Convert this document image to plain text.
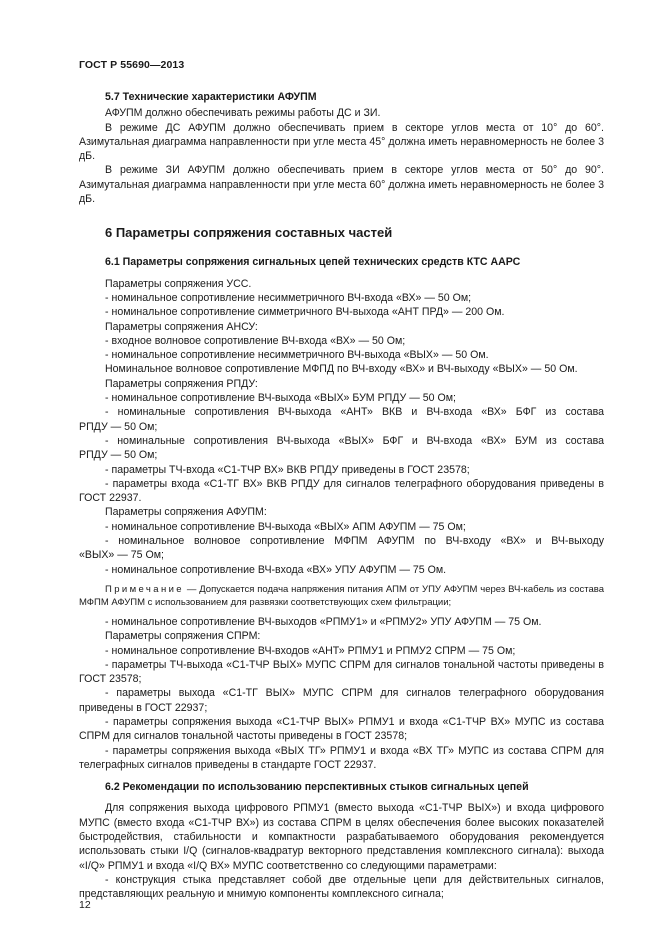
ГОСТ Р 55690—2013

5.7 Технические характеристики АФУПМ

АФУПМ должно обеспечивать режимы работы ДС и ЗИ.

В режиме ДС АФУПМ должно обеспечивать прием в секторе углов места от 10° до 60°. Азимутальная диаграмма направленности при угле места 45° должна иметь неравномерность не более 3 дБ.

В режиме ЗИ АФУПМ должно обеспечивать прием в секторе углов места от 50° до 90°. Азимутальная диаграмма направленности при угле места 60° должна иметь неравномерность не более 3 дБ.

6 Параметры сопряжения составных частей

6.1 Параметры сопряжения сигнальных цепей технических средств КТС ААРС

Параметры сопряжения УСС.

- номинальное сопротивление несимметричного ВЧ-входа «ВХ» — 50 Ом;

- номинальное сопротивление симметричного ВЧ-выхода «АНТ ПРД» — 200 Ом.

Параметры сопряжения АНСУ:

- входное волновое сопротивление ВЧ-входа «ВХ» — 50 Ом;

- номинальное сопротивление несимметричного ВЧ-выхода «ВЫХ» — 50 Ом.

Номинальное волновое сопротивление МФПД по ВЧ-входу «ВХ» и ВЧ-выходу «ВЫХ» — 50 Ом.

Параметры сопряжения РПДУ:

- номинальное сопротивление ВЧ-выхода «ВЫХ» БУМ РПДУ — 50 Ом;

- номинальные сопротивления ВЧ-выхода «АНТ» ВКВ и ВЧ-входа «ВХ» БФГ из состава

РПДУ — 50 Ом;

- номинальные сопротивления ВЧ-выхода «ВЫХ» БФГ и ВЧ-входа «ВХ» БУМ из состава

РПДУ — 50 Ом;

- параметры ТЧ-входа «С1-ТЧР ВХ» ВКВ РПДУ приведены в ГОСТ 23578;

- параметры входа «С1-ТГ ВХ» ВКВ РПДУ для сигналов телеграфного оборудования приведены в ГОСТ 22937.

Параметры сопряжения АФУПМ:

- номинальное сопротивление ВЧ-выхода «ВЫХ» АПМ АФУПМ — 75 Ом;

- номинальное волновое сопротивление МФПМ АФУПМ по ВЧ-входу «ВХ» и ВЧ-выходу

«ВЫХ» — 75 Ом;

- номинальное сопротивление ВЧ-входа «ВХ» УПУ АФУПМ — 75 Ом.

Примечание — Допускается подача напряжения питания АПМ от УПУ АФУПМ через ВЧ-кабель из состава МФПМ АФУПМ с использованием для развязки соответствующих схем фильтрации;

- номинальное сопротивление ВЧ-выходов «РПМУ1» и «РПМУ2» УПУ АФУПМ — 75 Ом.

Параметры сопряжения СПРМ:

- номинальное сопротивление ВЧ-входов «АНТ» РПМУ1 и РПМУ2 СПРМ — 75 Ом;

- параметры ТЧ-выхода «С1-ТЧР ВЫХ» МУПС СПРМ для сигналов тональной частоты приведены в ГОСТ 23578;

- параметры выхода «С1-ТГ ВЫХ» МУПС СПРМ для сигналов телеграфного оборудования приведены в ГОСТ 22937;

- параметры сопряжения выхода «С1-ТЧР ВЫХ» РПМУ1 и входа «С1-ТЧР ВХ» МУПС из состава СПРМ для сигналов тональной частоты приведены в ГОСТ 23578;

- параметры сопряжения выхода «ВЫХ ТГ» РПМУ1 и входа «ВХ ТГ» МУПС из состава СПРМ для телеграфных сигналов приведены в стандарте ГОСТ 22937.

6.2 Рекомендации по использованию перспективных стыков сигнальных цепей

Для сопряжения выхода цифрового РПМУ1 (вместо выхода «С1-ТЧР ВЫХ») и входа цифрового МУПС (вместо входа «С1-ТЧР ВХ») из состава СПРМ в целях обеспечения более высоких показателей быстродействия, стабильности и компактности разрабатываемого оборудования рекомендуется использовать стыки I/Q (сигналов-квадратур векторного представления комплексного сигнала): выхода «I/Q» РПМУ1 и входа «I/Q ВХ» МУПС соответственно со следующими параметрами:

- конструкция стыка представляет собой две отдельные цепи для действительных сигналов, представляющих реальную и мнимую компоненты комплексного сигнала;

12
